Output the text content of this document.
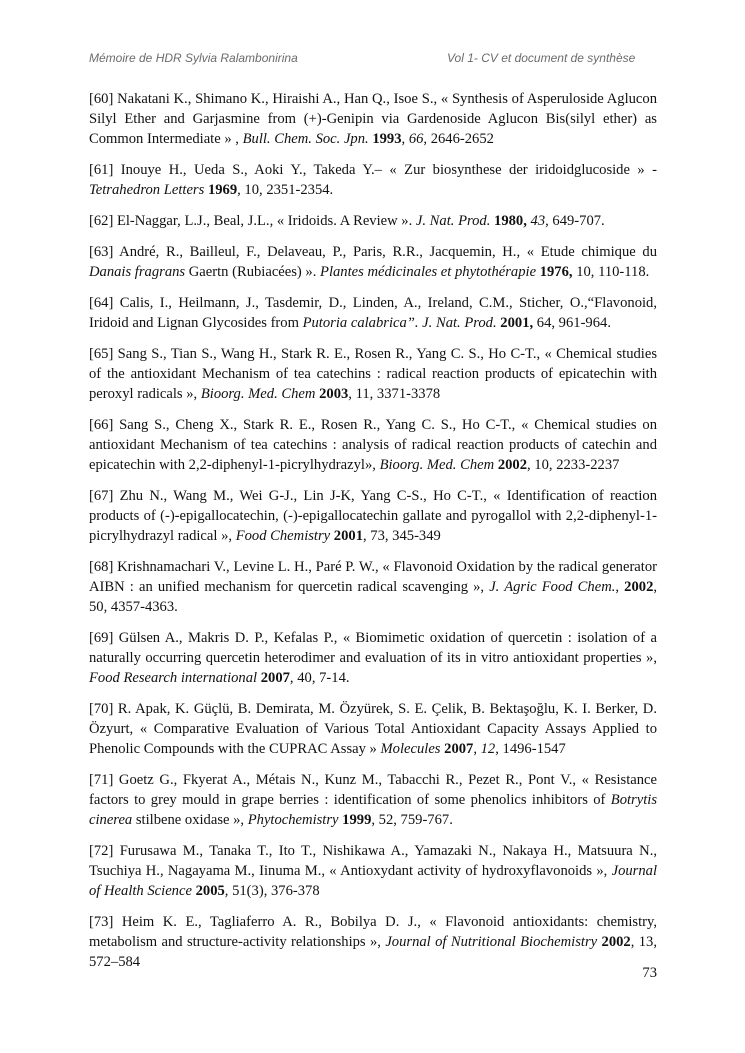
Mémoire de HDR Sylvia Ralambonirina	Vol 1- CV et document de synthèse

[60] Nakatani K., Shimano K., Hiraishi A., Han Q., Isoe S., « Synthesis of Asperuloside Aglucon Silyl Ether and Garjasmine from (+)-Genipin via Gardenoside Aglucon Bis(silyl ether) as Common Intermediate » , Bull. Chem. Soc. Jpn. 1993, 66, 2646-2652

[61] Inouye H., Ueda S., Aoki Y., Takeda Y.– « Zur biosynthese der iridoidglucoside » - Tetrahedron Letters 1969, 10, 2351-2354.

[62] El-Naggar, L.J., Beal, J.L., « Iridoids. A Review ». J. Nat. Prod. 1980, 43, 649-707.

[63] André, R., Bailleul, F., Delaveau, P., Paris, R.R., Jacquemin, H., « Etude chimique du Danais fragrans Gaertn (Rubiacées) ». Plantes médicinales et phytothérapie 1976, 10, 110-118.

[64] Calis, I., Heilmann, J., Tasdemir, D., Linden, A., Ireland, C.M., Sticher, O.,“Flavonoid, Iridoid and Lignan Glycosides from Putoria calabrica”. J. Nat. Prod. 2001, 64, 961-964.

[65] Sang S., Tian S., Wang H., Stark R. E., Rosen R., Yang C. S., Ho C-T., « Chemical studies of the antioxidant Mechanism of tea catechins : radical reaction products of epicatechin with peroxyl radicals », Bioorg. Med. Chem 2003, 11, 3371-3378

[66] Sang S., Cheng X., Stark R. E., Rosen R., Yang C. S., Ho C-T., « Chemical studies on antioxidant Mechanism of tea catechins : analysis of radical reaction products of catechin and epicatechin with 2,2-diphenyl-1-picrylhydrazyl», Bioorg. Med. Chem 2002, 10, 2233-2237

[67] Zhu N., Wang M., Wei G-J., Lin J-K, Yang C-S., Ho C-T., « Identification of reaction products of (-)-epigallocatechin, (-)-epigallocatechin gallate and pyrogallol with 2,2-diphenyl-1-picrylhydrazyl radical », Food Chemistry 2001, 73, 345-349

[68] Krishnamachari V., Levine L. H., Paré P. W., « Flavonoid Oxidation by the radical generator AIBN : an unified mechanism for quercetin radical scavenging », J. Agric Food Chem., 2002, 50, 4357-4363.

[69] Gülsen A., Makris D. P., Kefalas P., « Biomimetic oxidation of quercetin : isolation of a naturally occurring quercetin heterodimer and evaluation of its in vitro antioxidant properties », Food Research international 2007, 40, 7-14.

[70] R. Apak, K. Güçlü, B. Demirata, M. Özyürek, S. E. Çelik, B. Bektaşoğlu, K. I. Berker, D. Özyurt, « Comparative Evaluation of Various Total Antioxidant Capacity Assays Applied to Phenolic Compounds with the CUPRAC Assay » Molecules 2007, 12, 1496-1547

[71] Goetz G., Fkyerat A., Métais N., Kunz M., Tabacchi R., Pezet R., Pont V., « Resistance factors to grey mould in grape berries : identification of some phenolics inhibitors of Botrytis cinerea stilbene oxidase », Phytochemistry 1999, 52, 759-767.

[72] Furusawa M., Tanaka T., Ito T., Nishikawa A., Yamazaki N., Nakaya H., Matsuura N., Tsuchiya H., Nagayama M., Iinuma M., « Antioxydant activity of hydroxyflavonoids », Journal of Health Science 2005, 51(3), 376-378

[73] Heim K. E., Tagliaferro A. R., Bobilya D. J., « Flavonoid antioxidants: chemistry, metabolism and structure-activity relationships », Journal of Nutritional Biochemistry 2002, 13, 572–584

73
